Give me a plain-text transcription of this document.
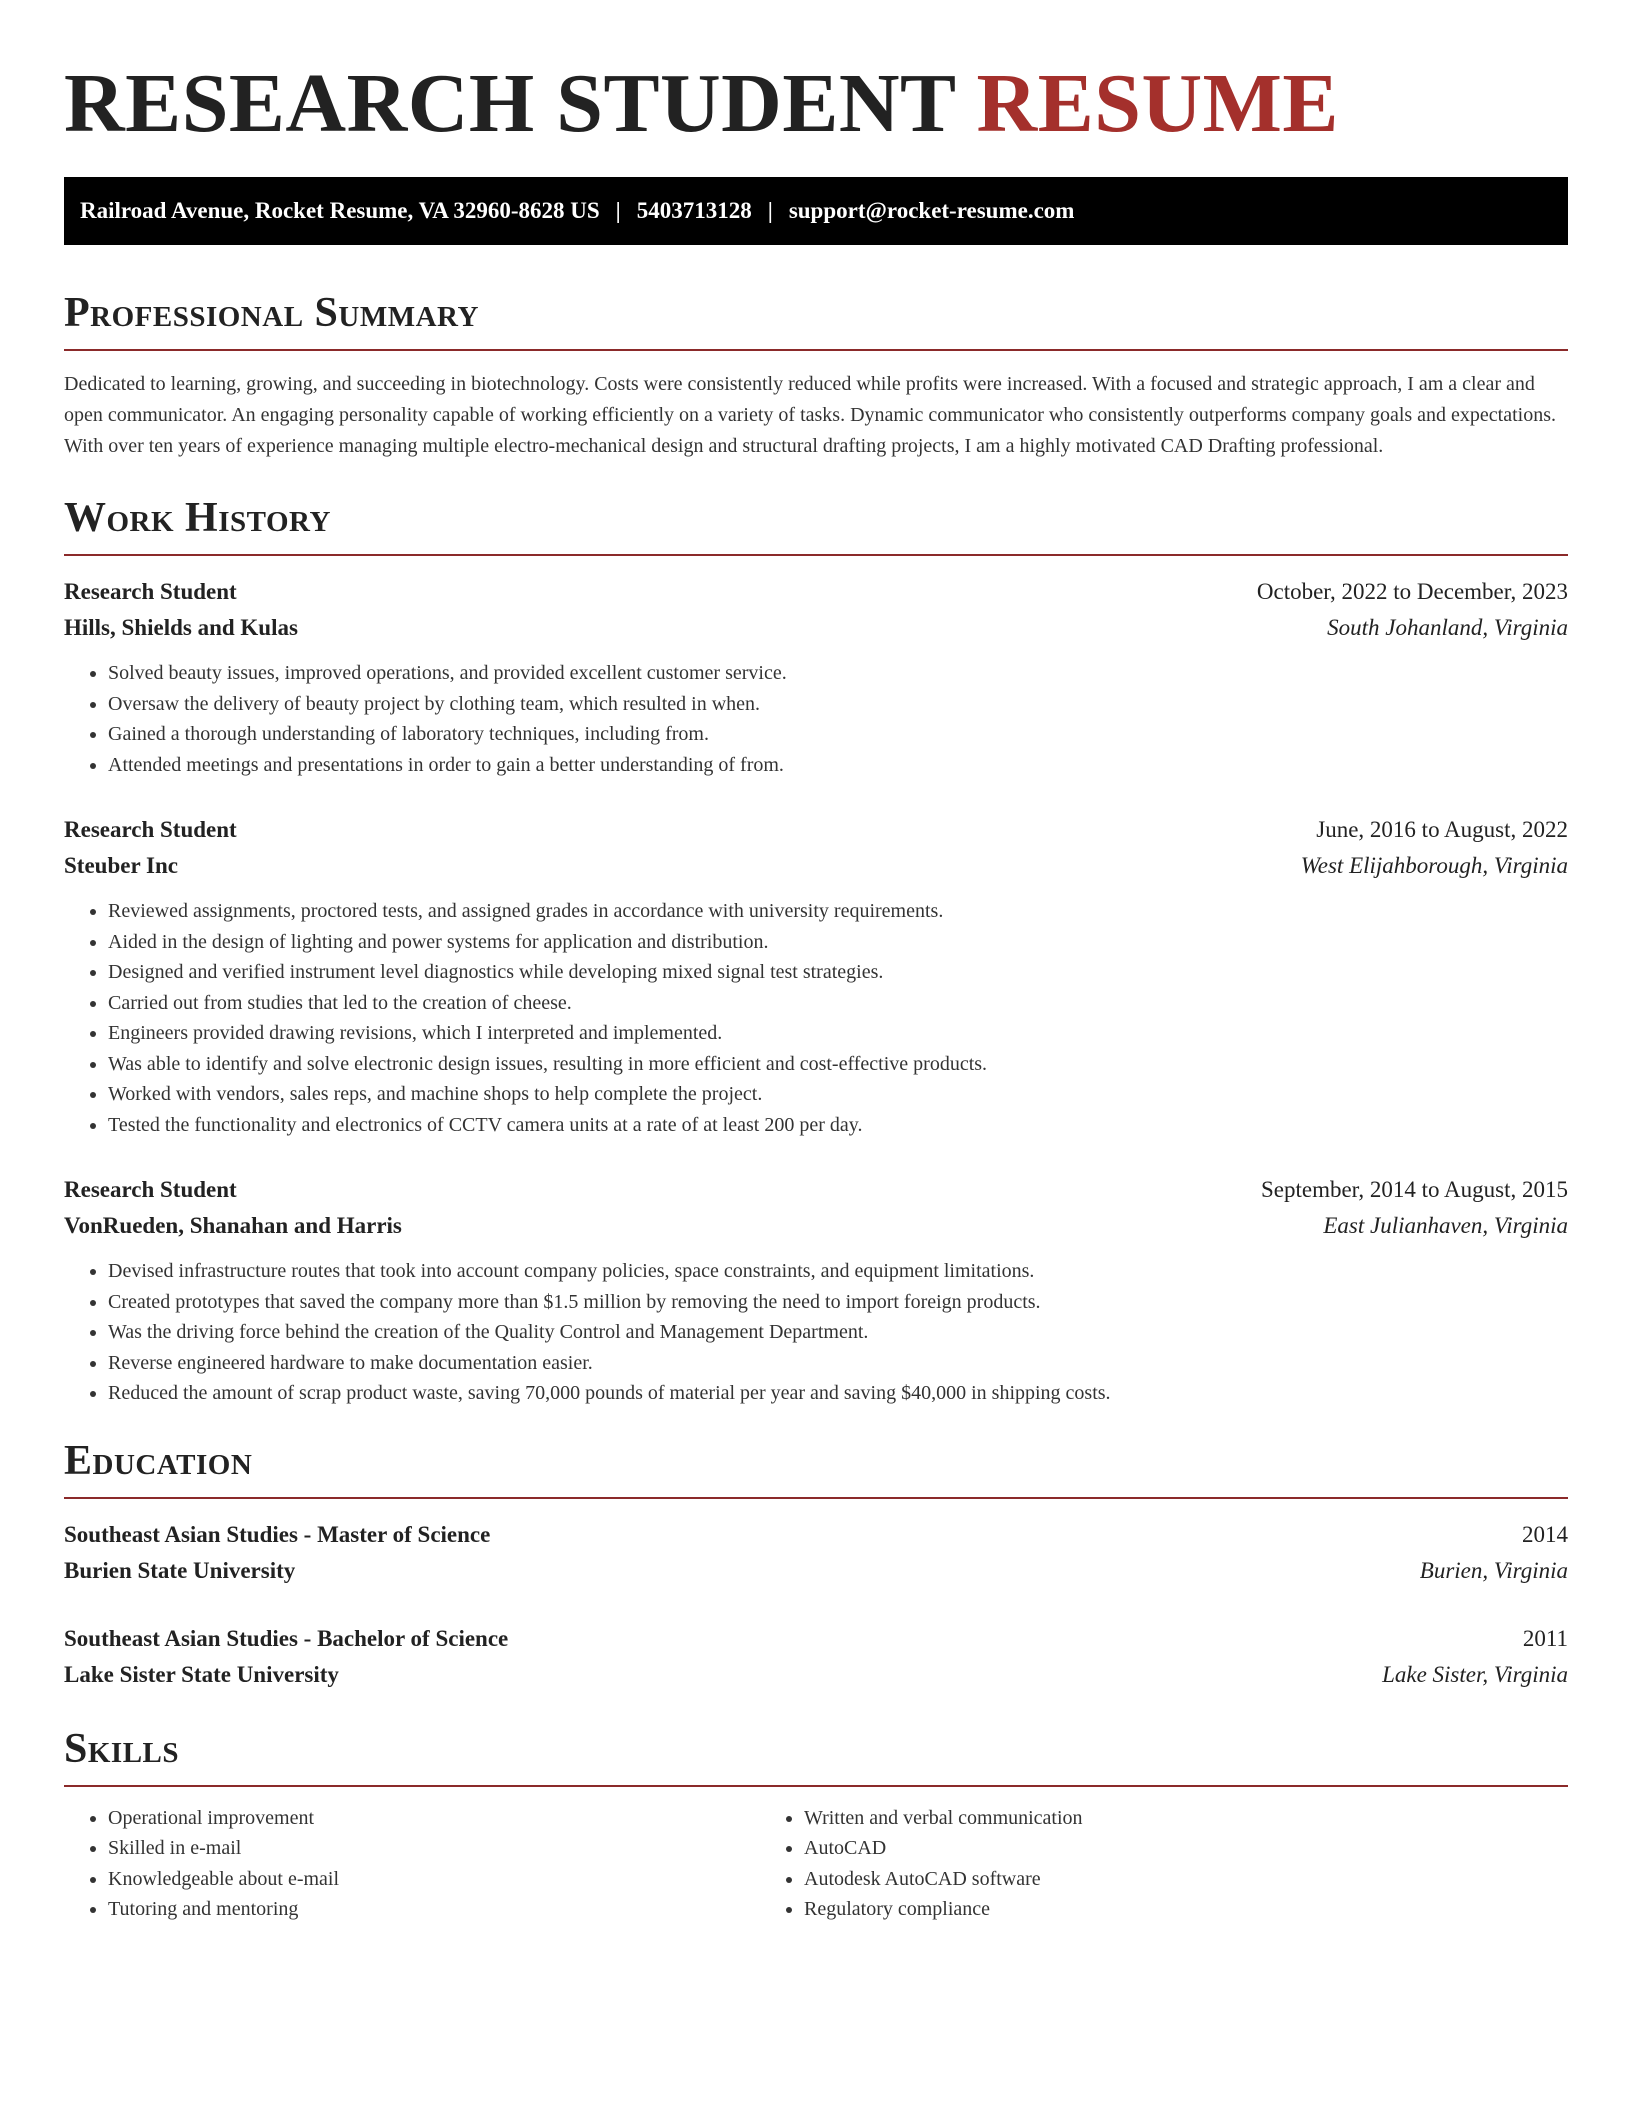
RESEARCH STUDENT RESUME
Railroad Avenue, Rocket Resume, VA 32960-8628 US | 5403713128 | support@rocket-resume.com
Professional Summary

Dedicated to learning, growing, and succeeding in biotechnology. Costs were consistently reduced while profits were increased. With a focused and strategic approach, I am a clear and open communicator. An engaging personality capable of working efficiently on a variety of tasks. Dynamic communicator who consistently outperforms company goals and expectations. With over ten years of experience managing multiple electro-mechanical design and structural drafting projects, I am a highly motivated CAD Drafting professional.

Work History
Research Student	October, 2022 to December, 2023
Hills, Shields and Kulas	South Johanland, Virginia
• Solved beauty issues, improved operations, and provided excellent customer service.
• Oversaw the delivery of beauty project by clothing team, which resulted in when.
• Gained a thorough understanding of laboratory techniques, including from.
• Attended meetings and presentations in order to gain a better understanding of from.
Research Student	June, 2016 to August, 2022
Steuber Inc	West Elijahborough, Virginia
• Reviewed assignments, proctored tests, and assigned grades in accordance with university requirements.
• Aided in the design of lighting and power systems for application and distribution.
• Designed and verified instrument level diagnostics while developing mixed signal test strategies.
• Carried out from studies that led to the creation of cheese.
• Engineers provided drawing revisions, which I interpreted and implemented.
• Was able to identify and solve electronic design issues, resulting in more efficient and cost-effective products.
• Worked with vendors, sales reps, and machine shops to help complete the project.
• Tested the functionality and electronics of CCTV camera units at a rate of at least 200 per day.
Research Student	September, 2014 to August, 2015
VonRueden, Shanahan and Harris	East Julianhaven, Virginia
• Devised infrastructure routes that took into account company policies, space constraints, and equipment limitations.
• Created prototypes that saved the company more than $1.5 million by removing the need to import foreign products.
• Was the driving force behind the creation of the Quality Control and Management Department.
• Reverse engineered hardware to make documentation easier.
• Reduced the amount of scrap product waste, saving 70,000 pounds of material per year and saving $40,000 in shipping costs.
Education
Southeast Asian Studies - Master of Science	2014
Burien State University	Burien, Virginia
Southeast Asian Studies - Bachelor of Science	2011
Lake Sister State University	Lake Sister, Virginia
Skills
• Operational improvement
• Skilled in e-mail
• Knowledgeable about e-mail
• Tutoring and mentoring
• Written and verbal communication
• AutoCAD
• Autodesk AutoCAD software
• Regulatory compliance
